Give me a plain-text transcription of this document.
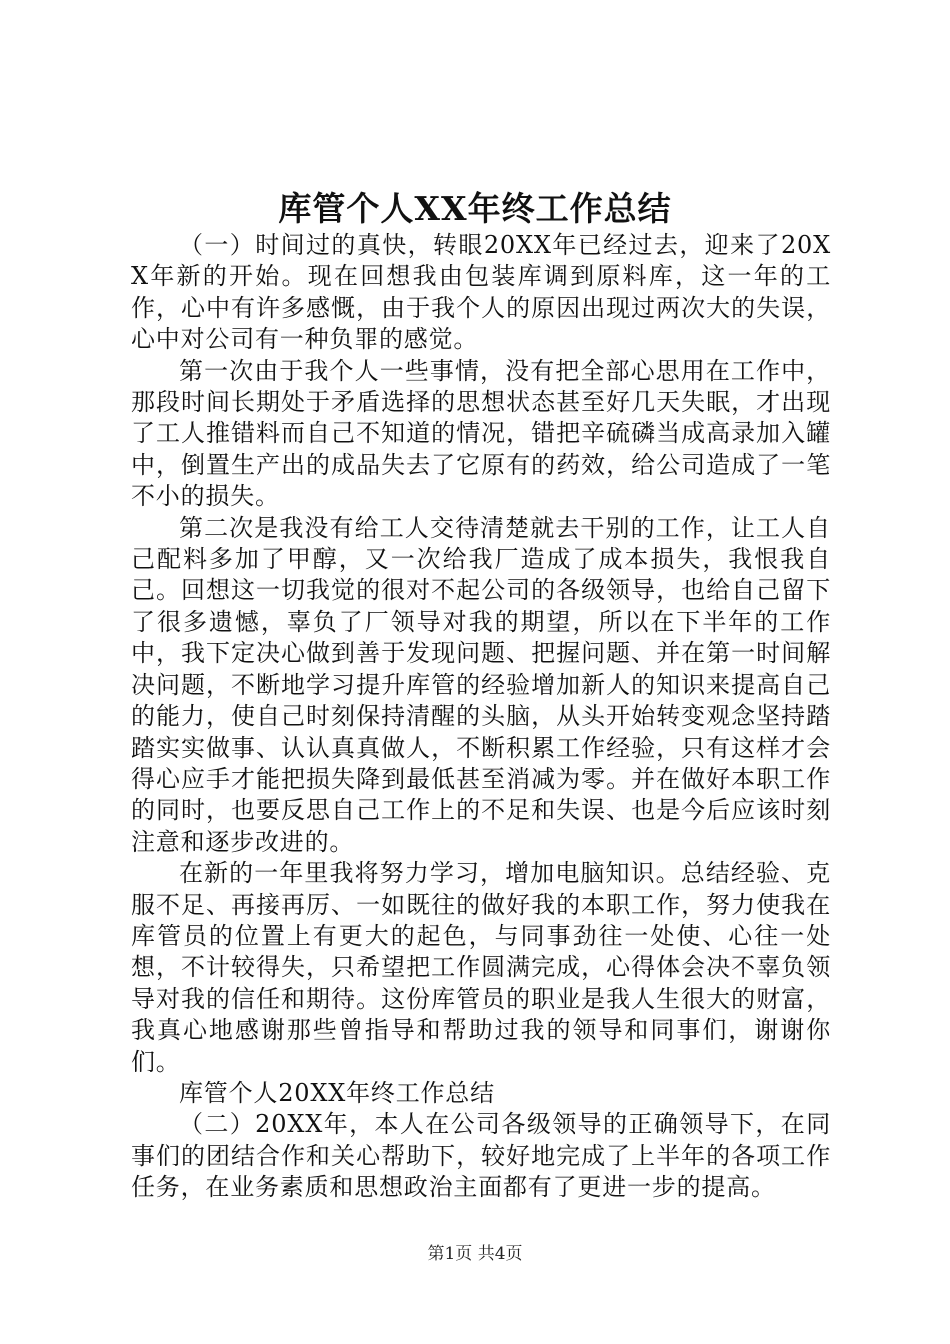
库管个人XX年终工作总结

（一）时间过的真快，转眼20XX年已经过去，迎来了20XX年新的开始。现在回想我由包装库调到原料库，这一年的工作，心中有许多感慨，由于我个人的原因出现过两次大的失误，心中对公司有一种负罪的感觉。

第一次由于我个人一些事情，没有把全部心思用在工作中，那段时间长期处于矛盾选择的思想状态甚至好几天失眠，才出现了工人推错料而自己不知道的情况，错把辛硫磷当成高录加入罐中，倒置生产出的成品失去了它原有的药效，给公司造成了一笔不小的损失。

第二次是我没有给工人交待清楚就去干别的工作，让工人自己配料多加了甲醇，又一次给我厂造成了成本损失，我恨我自己。回想这一切我觉的很对不起公司的各级领导，也给自己留下了很多遗憾，辜负了厂领导对我的期望，所以在下半年的工作中，我下定决心做到善于发现问题、把握问题、并在第一时间解决问题，不断地学习提升库管的经验增加新人的知识来提高自己的能力，使自己时刻保持清醒的头脑，从头开始转变观念坚持踏踏实实做事、认认真真做人，不断积累工作经验，只有这样才会得心应手才能把损失降到最低甚至消减为零。并在做好本职工作的同时，也要反思自己工作上的不足和失误、也是今后应该时刻注意和逐步改进的。

在新的一年里我将努力学习，增加电脑知识。总结经验、克服不足、再接再厉、一如既往的做好我的本职工作，努力使我在库管员的位置上有更大的起色，与同事劲往一处使、心往一处想，不计较得失，只希望把工作圆满完成，心得体会决不辜负领导对我的信任和期待。这份库管员的职业是我人生很大的财富，我真心地感谢那些曾指导和帮助过我的领导和同事们，谢谢你们。

库管个人20XX年终工作总结

（二）20XX年，本人在公司各级领导的正确领导下，在同事们的团结合作和关心帮助下，较好地完成了上半年的各项工作任务，在业务素质和思想政治主面都有了更进一步的提高。

第1页 共4页
